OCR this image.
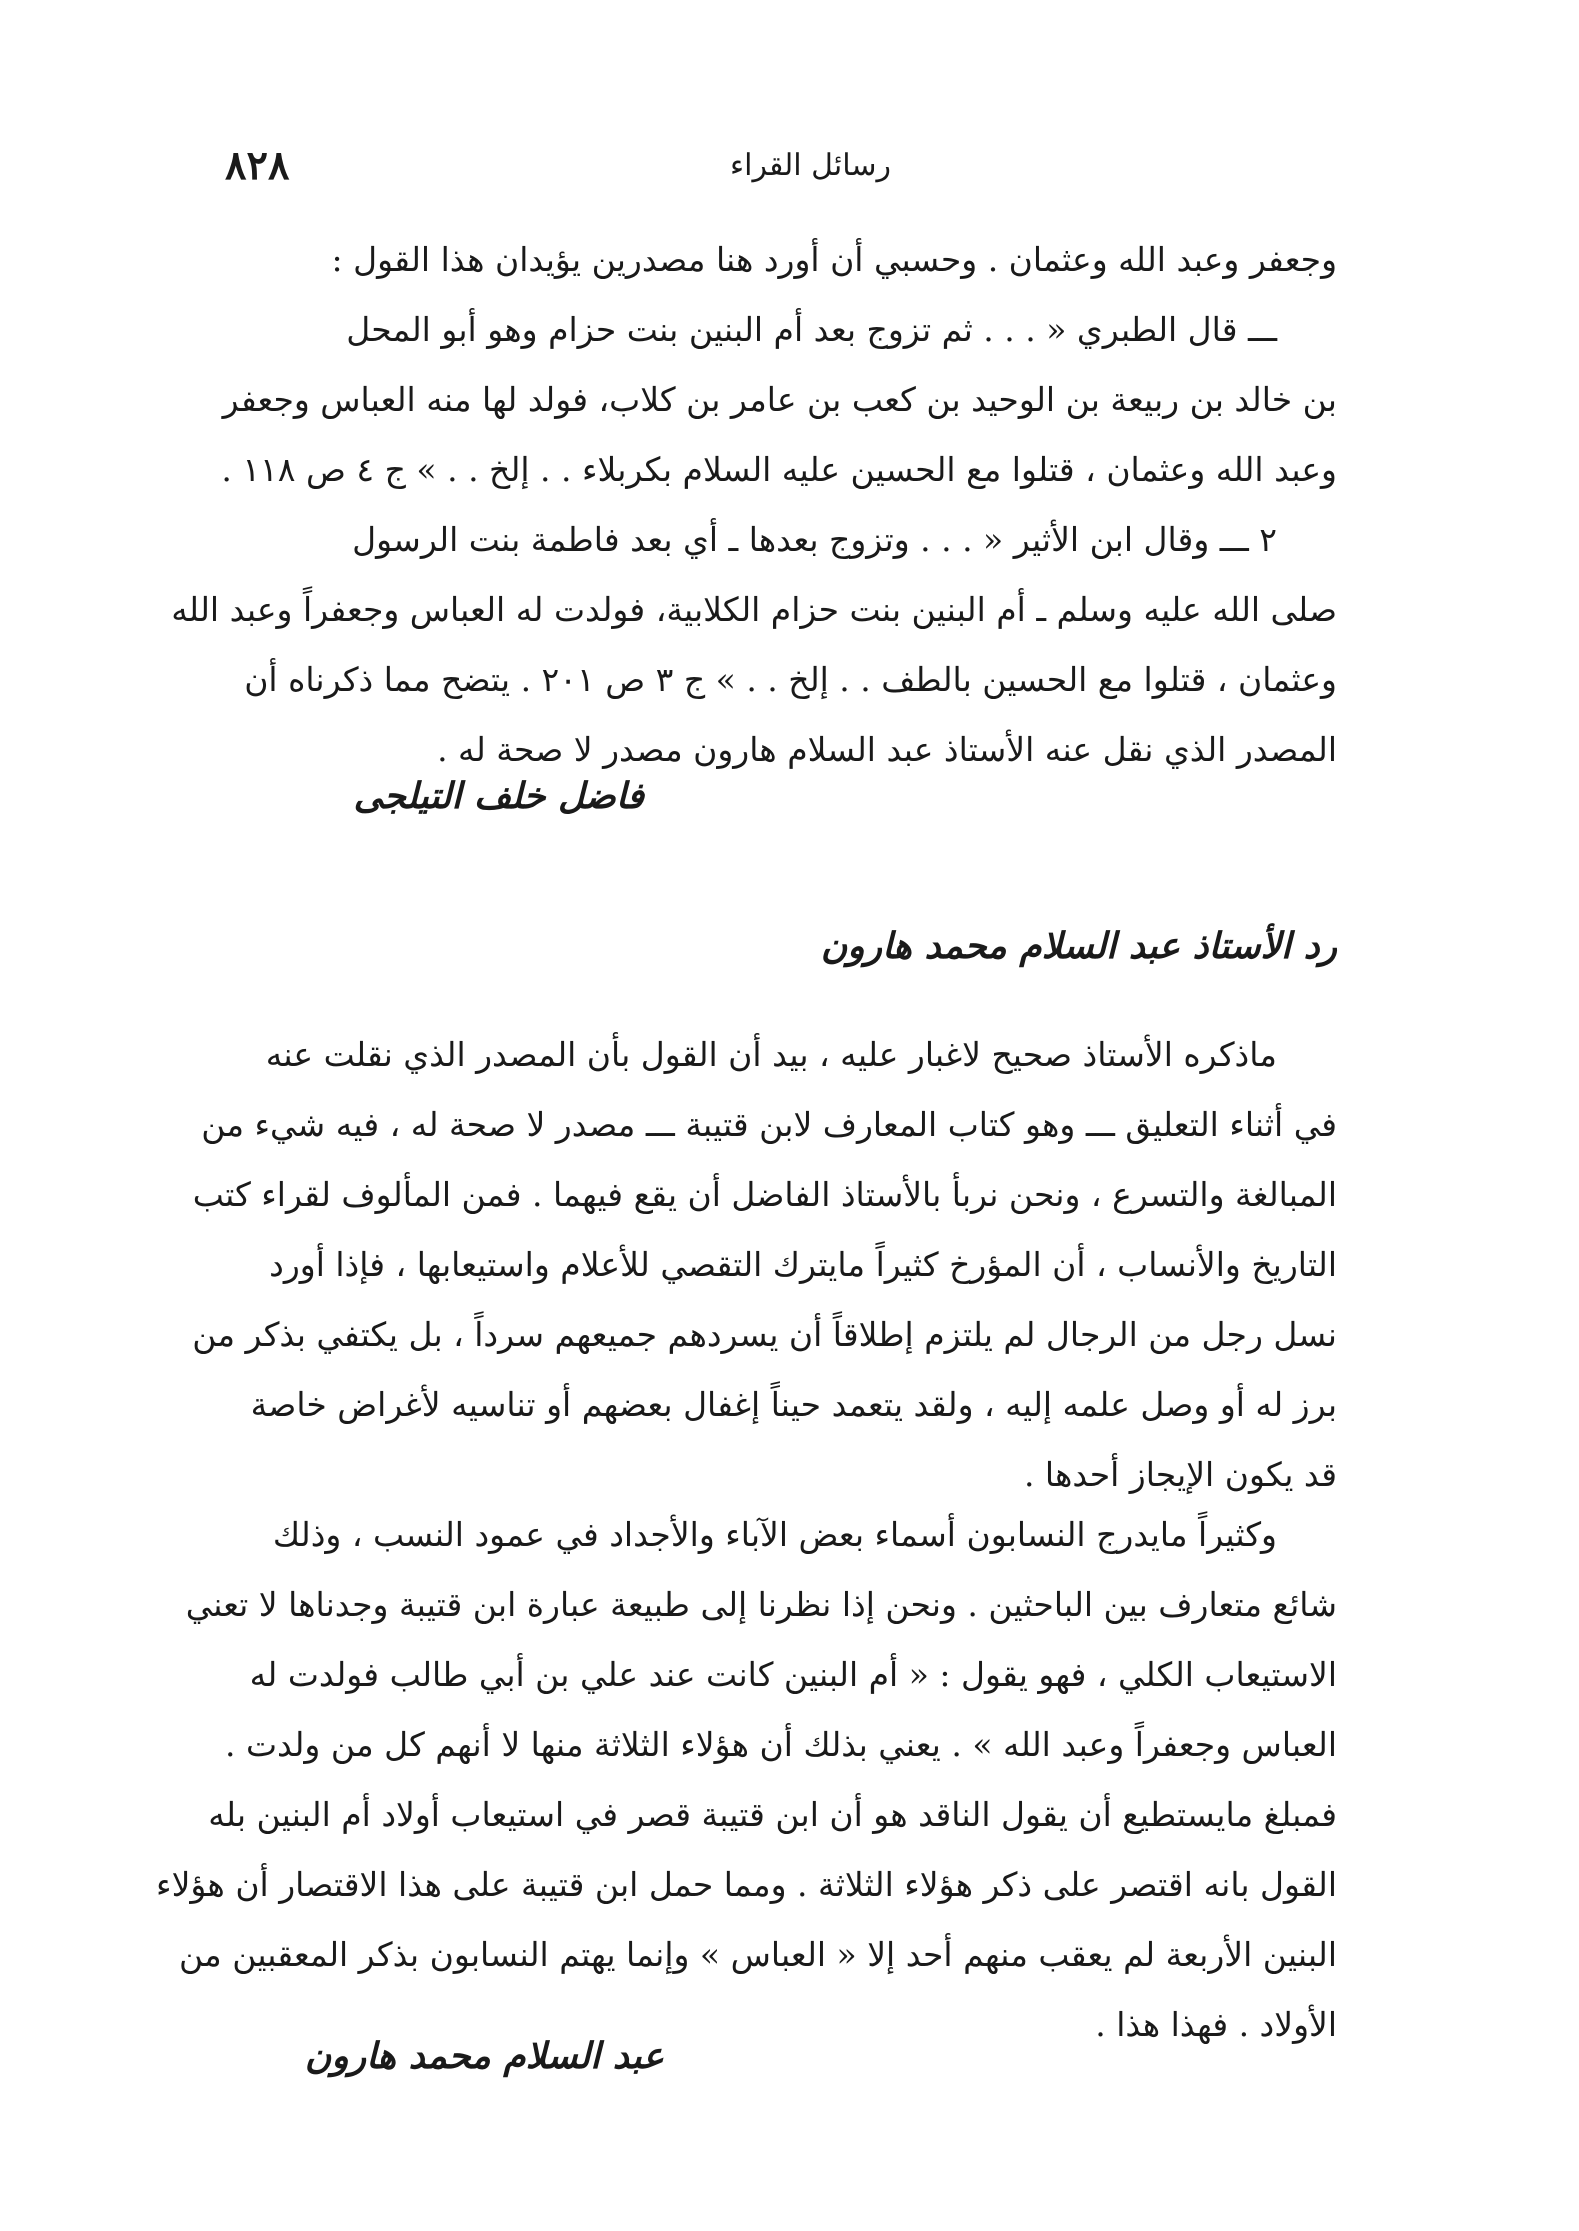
٨٢٨	رسائل القراء
وجعفر وعبد الله وعثمان . وحسبي أن أورد هنا مصدرين يؤيدان هذا القول :
ـــ قال الطبري « . . . ثم تزوج بعد أم البنين بنت حزام وهو أبو المحل
بن خالد بن ربيعة بن الوحيد بن كعب بن عامر بن كلاب، فولد لها منه العباس وجعفر
وعبد الله وعثمان ، قتلوا مع الحسين عليه السلام بكربلاء . . إلخ . . » ج ٤ ص ١١٨ .
٢ ـــ وقال ابن الأثير « . . . وتزوج بعدها ـ أي بعد فاطمة بنت الرسول
صلى الله عليه وسلم ـ أم البنين بنت حزام الكلابية، فولدت له العباس وجعفراً وعبد الله
وعثمان ، قتلوا مع الحسين بالطف . . إلخ . . » ج ٣ ص ٢٠١ . يتضح مما ذكرناه أن
المصدر الذي نقل عنه الأستاذ عبد السلام هارون مصدر لا صحة له .
فاضل خلف التيلجى
رد الأستاذ عبد السلام محمد هارون
ماذكره الأستاذ صحيح لاغبار عليه ، بيد أن القول بأن المصدر الذي نقلت عنه
في أثناء التعليق ـــ وهو كتاب المعارف لابن قتيبة ـــ مصدر لا صحة له ، فيه شيء من
المبالغة والتسرع ، ونحن نربأ بالأستاذ الفاضل أن يقع فيهما . فمن المألوف لقراء كتب
التاريخ والأنساب ، أن المؤرخ كثيراً مايترك التقصي للأعلام واستيعابها ، فإذا أورد
نسل رجل من الرجال لم يلتزم إطلاقاً أن يسردهم جميعهم سرداً ، بل يكتفي بذكر من
برز له أو وصل علمه إليه ، ولقد يتعمد حيناً إغفال بعضهم أو تناسيه لأغراض خاصة
قد يكون الإيجاز أحدها .
وكثيراً مايدرج النسابون أسماء بعض الآباء والأجداد في عمود النسب ، وذلك
شائع متعارف بين الباحثين . ونحن إذا نظرنا إلى طبيعة عبارة ابن قتيبة وجدناها لا تعني
الاستيعاب الكلي ، فهو يقول : « أم البنين كانت عند علي بن أبي طالب فولدت له
العباس وجعفراً وعبد الله » . يعني بذلك أن هؤلاء الثلاثة منها لا أنهم كل من ولدت .
فمبلغ مايستطيع أن يقول الناقد هو أن ابن قتيبة قصر في استيعاب أولاد أم البنين بله
القول بانه اقتصر على ذكر هؤلاء الثلاثة . ومما حمل ابن قتيبة على هذا الاقتصار أن هؤلاء
البنين الأربعة لم يعقب منهم أحد إلا « العباس » وإنما يهتم النسابون بذكر المعقبين من
الأولاد . فهذا هذا .
عبد السلام محمد هارون
